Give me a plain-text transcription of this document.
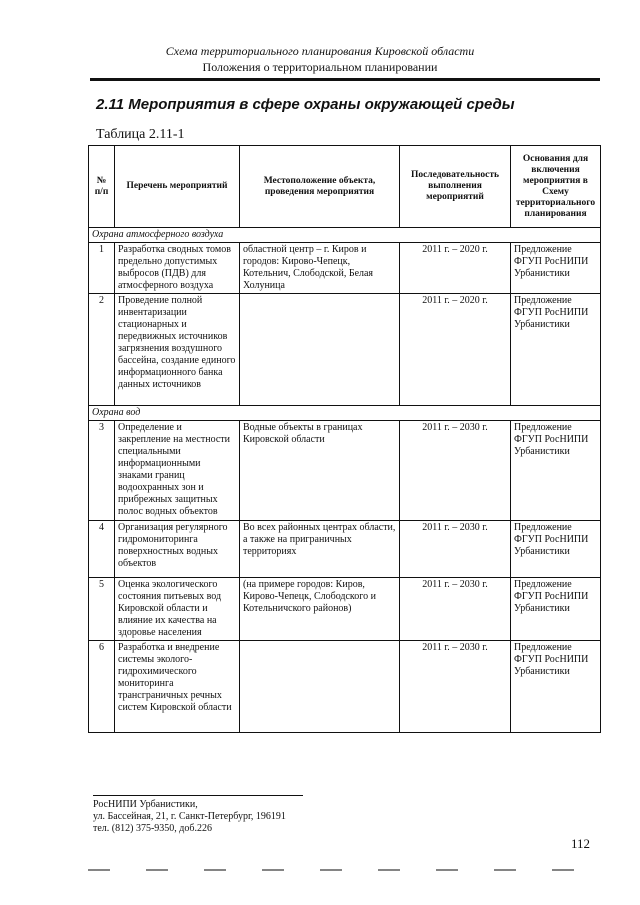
Схема территориального планирования Кировской области
Положения о территориальном планировании
2.11 Мероприятия в сфере охраны окружающей среды
Таблица 2.11-1
№ п/п	Перечень мероприятий	Местоположение объекта, проведения мероприятия	Последовательность выполнения мероприятий	Основания для включения мероприятия в Схему территориального планирования
Охрана атмосферного воздуха				
1	Разработка сводных томов предельно допустимых выбросов (ПДВ) для атмосферного воздуха	областной центр – г. Киров и городов: Кирово-Чепецк, Котельнич, Слободской, Белая Холуница	2011 г. – 2020 г.	Предложение ФГУП РосНИПИ Урбанистики
2	Проведение полной инвентаризации стационарных и передвижных источников загрязнения воздушного бассейна, создание единого информационного банка данных источников		2011 г. – 2020 г.	Предложение ФГУП РосНИПИ Урбанистики
Охрана вод				
3	Определение и закрепление на местности специальными информационными знаками границ водоохранных зон и прибрежных защитных полос водных объектов	Водные объекты в границах Кировской области	2011 г. – 2030 г.	Предложение ФГУП РосНИПИ Урбанистики
4	Организация регулярного гидромониторинга поверхностных водных объектов	Во всех районных центрах области, а также на приграничных территориях	2011 г. – 2030 г.	Предложение ФГУП РосНИПИ Урбанистики
5	Оценка экологического состояния питьевых вод Кировской области и влияние их качества на здоровье населения	(на примере городов: Киров, Кирово-Чепецк, Слободского и Котельничского районов)	2011 г. – 2030 г.	Предложение ФГУП РосНИПИ Урбанистики
6	Разработка и внедрение системы эколого-гидрохимического мониторинга трансграничных речных систем Кировской области		2011 г. – 2030 г.	Предложение ФГУП РосНИПИ Урбанистики
РосНИПИ Урбанистики,
ул. Бассейная, 21, г. Санкт-Петербург, 196191
тел. (812) 375-9350, доб.226
112
